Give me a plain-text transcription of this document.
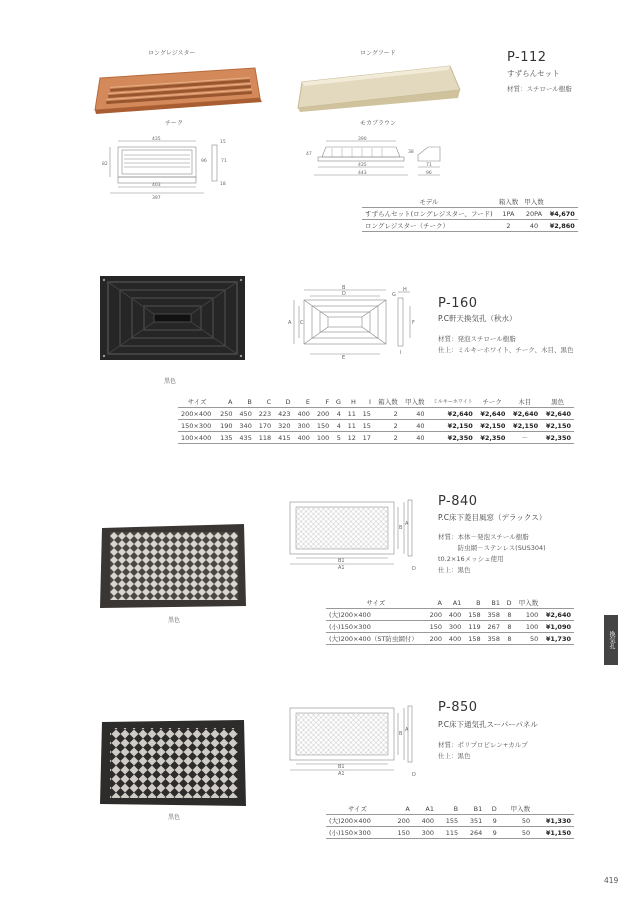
ロングレジスター	ロングフード
チーク	モカブラウン
P-112
すずらんセット
材質：スチロール樹脂
435
15
82
96	71
403	18
397
390
47	38
435	71
443	96
モデル	箱入数	甲入数	
すずらんセット(ロングレジスター、フード)	1PA	20PA	¥4,670
ロングレジスター（チーク）	2	40	¥2,860
黒色
B
D
A C
E
G
H
F
I
P-160
P.C軒天換気孔（秋水）
材質：発泡スチロール樹脂
仕上：ミルキーホワイト、チーク、木目、黒色
サイズ	A	B	C	D	E	F	G	H	I	箱入数	甲入数	ミルキーホワイト	チーク	木目	黒色
200×400	250	450	223	423	400	200	4	11	15	2	40	¥2,640	¥2,640	¥2,640	¥2,640
150×300	190	340	170	320	300	150	4	11	15	2	40	¥2,150	¥2,150	¥2,150	¥2,150
100×400	135	435	118	415	400	100	5	12	17	2	40	¥2,350	¥2,350	－	¥2,350
黒色
B
A
B1
A1	D
P-840
P.C床下菱目風窓（デラックス）
材質：本体－発泡スチール樹脂
　　　防虫網－ステンレス(SUS304)
t0.2×16メッシュ使用
仕上：黒色
サイズ	A	A1	B	B1	D	甲入数	
(大)200×400	200	400	158	358	8	100	¥2,640
(小)150×300	150	300	119	267	8	100	¥1,090
(大)200×400（ST防虫網付）	200	400	158	358	8	50	¥1,730	換気孔
黒色
B
A
B1
A1	D
P-850
P.C床下通気孔スーパーパネル
材質：ポリプロピレン+カルプ
仕上：黒色
サイズ	A	A1	B	B1	D	甲入数	
(大)200×400	200	400	155	351	9	50	¥1,330
(小)150×300	150	300	115	264	9	50	¥1,150
419
